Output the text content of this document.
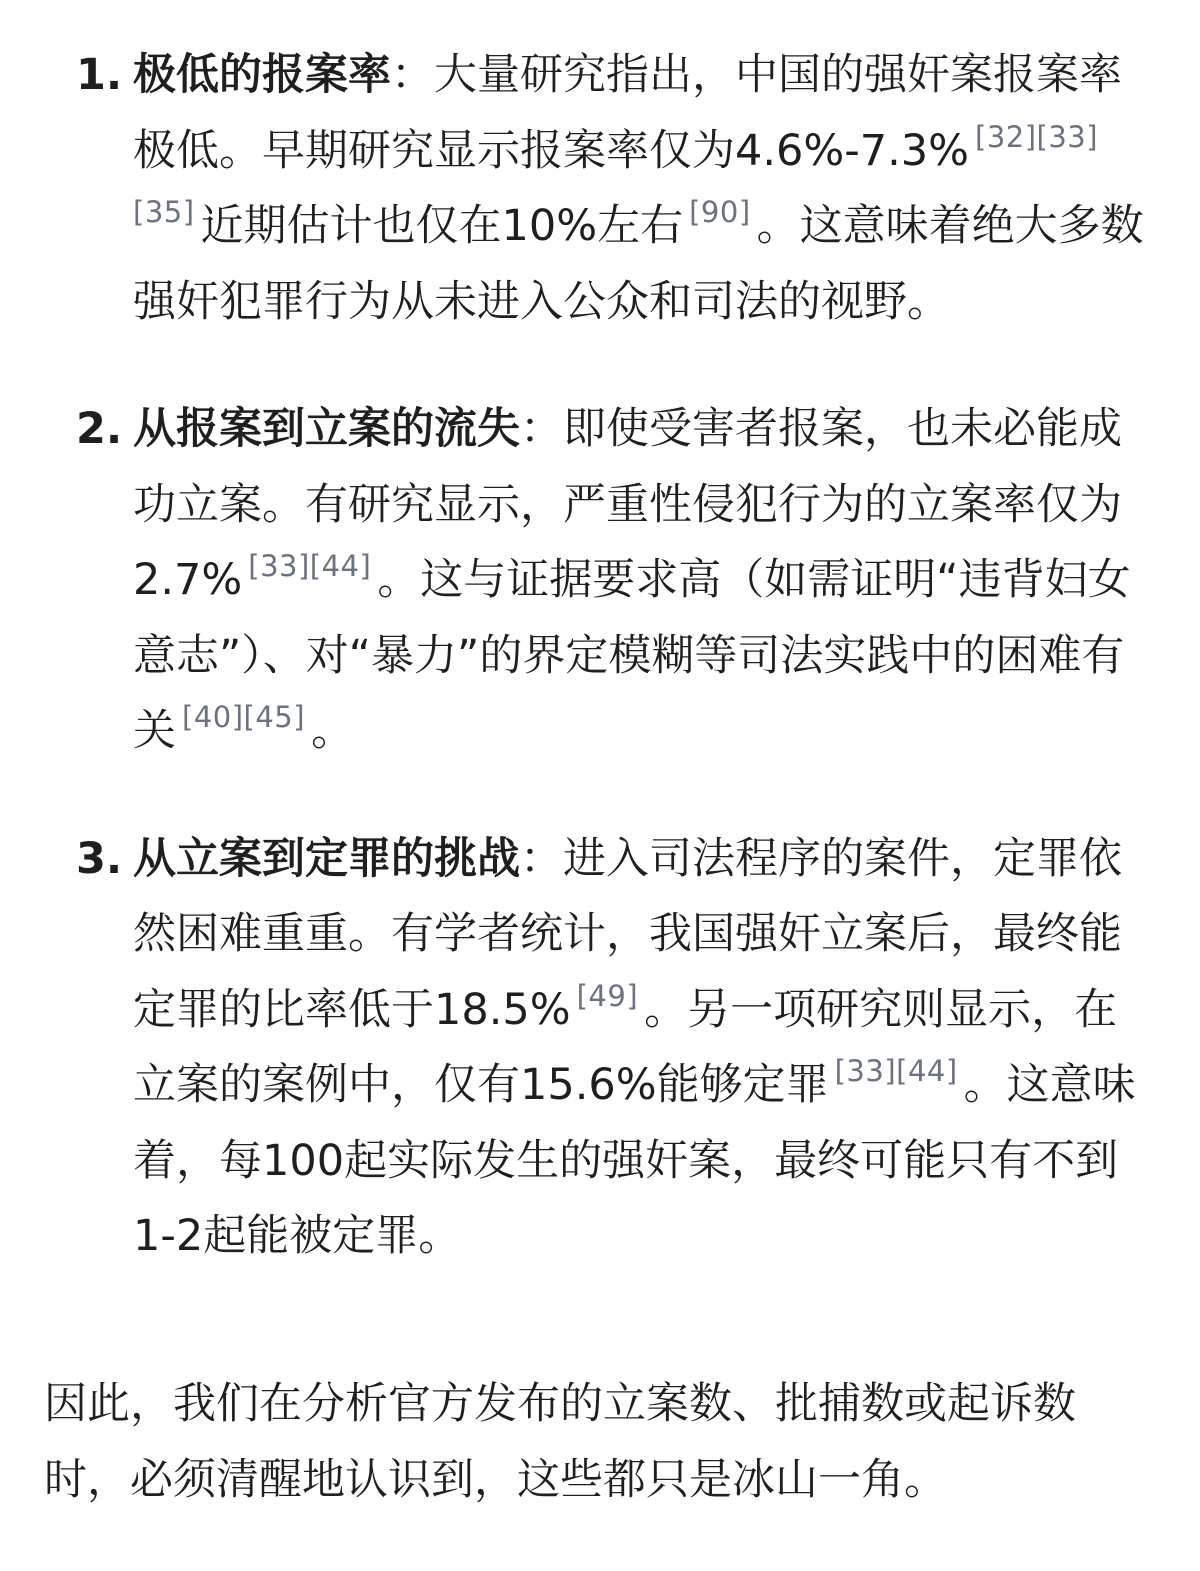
1. 极低的报案率：大量研究指出，中国的强奸案报案率极低。早期研究显示报案率仅为4.6%-7.3% [32][33][35] 近期估计也仅在10%左右 [90] 。这意味着绝大多数强奸犯罪行为从未进入公众和司法的视野。
2. 从报案到立案的流失：即使受害者报案，也未必能成功立案。有研究显示，严重性侵犯行为的立案率仅为2.7% [33][44] 。这与证据要求高（如需证明“违背妇女意志”）、对“暴力”的界定模糊等司法实践中的困难有关 [40][45] 。
3. 从立案到定罪的挑战：进入司法程序的案件，定罪依然困难重重。有学者统计，我国强奸立案后，最终能定罪的比率低于18.5% [49] 。另一项研究则显示，在立案的案例中，仅有15.6%能够定罪 [33][44] 。这意味着，每100起实际发生的强奸案，最终可能只有不到1-2起能被定罪。

因此，我们在分析官方发布的立案数、批捕数或起诉数时，必须清醒地认识到，这些都只是冰山一角。
